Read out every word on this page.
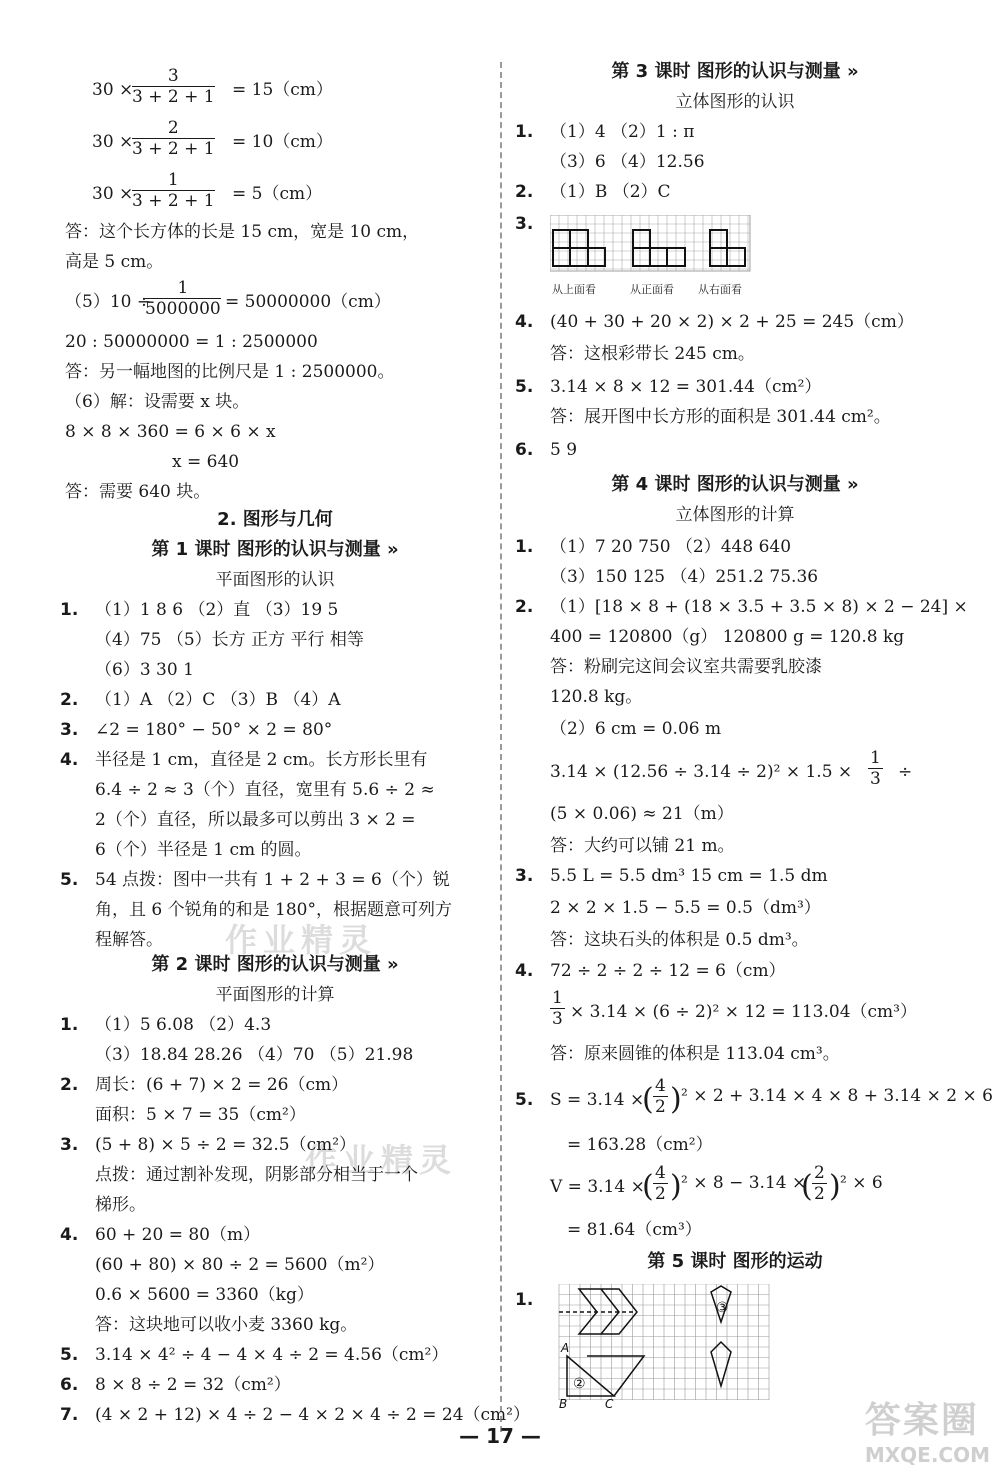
作业精灵
作业精灵
30 ×
$\frac{3}{3 + 2 + 1} = 15(cm)$
30 ×
$\frac{2}{3 + 2 + 1} = 10(cm)$
30 ×
$\frac{1}{3 + 2 + 1} = 5(cm)$
答：这个长方体的长是 15 cm，宽是 10 cm，
高是 5 cm。
（5）10 ÷
$\frac{1}{5000000} = 50000000(cm)$
20 : 50000000 = 1 : 2500000
答：另一幅地图的比例尺是 1 : 2500000。
（6）解：设需要 x 块。
8 × 8 × 360 = 6 × 6 × x
x = 640
答：需要 640 块。
2. 图形与几何
第 1 课时 图形的认识与测量 »
平面图形的认识
1. （1）1 8 6 （2）直 （3）19 5
（4）75 （5）长方 正方 平行 相等
（6）3 30 1
2. （1）A （2）C （3）B （4）A
3. ∠2 = 180° − 50° × 2 = 80°
4. 半径是 1 cm，直径是 2 cm。长方形长里有
6.4 ÷ 2 ≈ 3（个）直径，宽里有 5.6 ÷ 2 ≈
2（个）直径，所以最多可以剪出 3 × 2 =
6（个）半径是 1 cm 的圆。
5. 54 点拨：图中一共有 1 + 2 + 3 = 6（个）锐
角，且 6 个锐角的和是 180°，根据题意可列方
程解答。
第 2 课时 图形的认识与测量 »
平面图形的计算
1. （1）5 6.08 （2）4.3
（3）18.84 28.26 （4）70 （5）21.98
2. 周长：(6 + 7) × 2 = 26（cm）
面积：5 × 7 = 35（cm²）
3. (5 + 8) × 5 ÷ 2 = 32.5（cm²）
点拨：通过割补发现，阴影部分相当于一个
梯形。
4. 60 + 20 = 80（m）
(60 + 80) × 80 ÷ 2 = 5600（m²）
0.6 × 5600 = 3360（kg）
答：这块地可以收小麦 3360 kg。
5. 3.14 × 4² ÷ 4 − 4 × 4 ÷ 2 = 4.56（cm²）
6. 8 × 8 ÷ 2 = 32（cm²）
7. (4 × 2 + 12) × 4 ÷ 2 − 4 × 2 × 4 ÷ 2 = 24（cm²）
第 3 课时 图形的认识与测量 »
立体图形的认识
1. （1）4 （2）1 : π
（3）6 （4）12.56
2. （1）B （2）C
3.
4. (40 + 30 + 20 × 2) × 2 + 25 = 245（cm）
答：这根彩带长 245 cm。
5. 3.14 × 8 × 12 = 301.44（cm²）
答：展开图中长方形的面积是 301.44 cm²。
6. 5 9
从上面看	从正面看 从右面看
第 4 课时 图形的认识与测量 »
立体图形的计算
1. （1）7 20 750 （2）448 640
（3）150 125 （4）251.2 75.36
2. （1）[18 × 8 + (18 × 3.5 + 3.5 × 8) × 2 − 24] ×
400 = 120800（g） 120800 g = 120.8 kg
答：粉刷完这间会议室共需要乳胶漆
120.8 kg。
（2）6 cm = 0.06 m
$3.14 \times (12.56 \div 3.14 \div 2)^2 \times 1.5 \times \frac{1}{3}$ ÷
(5 × 0.06) ≈ 21（m）
答：大约可以铺 21 m。
3. 5.5 L = 5.5 dm³ 15 cm = 1.5 dm
2 × 2 × 1.5 − 5.5 = 0.5（dm³）
答：这块石头的体积是 0.5 dm³。
4. 72 ÷ 2 ÷ 2 ÷ 12 = 6（cm）
$\frac{1}{3} \times 3.14 \times (6 \div 2)^2 \times 12 = 113.04(cm^3)$
答：原来圆锥的体积是 113.04 cm³。
5. S = 3.14 ×
( $\frac{4}{2}$ ) ² × 2 + 3.14 × 4 × 8 + 3.14 × 2 × 6
= 163.28（cm²）
V = 3.14 ×
( $\frac{4}{2}$ ) ² × 8 − 3.14 ×
( $\frac{2}{2}$ ) ² × 6
= 81.64（cm³）
第 5 课时 图形的运动
1.	③
②
A
B	C
— 17 —	答案圈
MXQE.COM
